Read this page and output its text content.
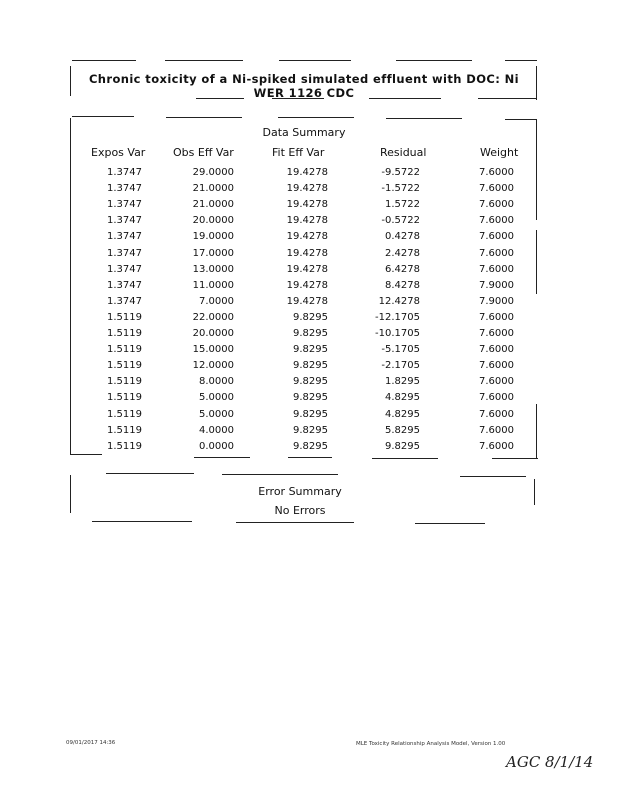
Chronic toxicity of a Ni-spiked simulated effluent with DOC: Ni WER 1126 CDC
Data Summary
Expos Var	Obs Eff Var	Fit Eff Var	Residual	Weight
1.3747	29.0000	19.4278	-9.5722	7.6000
1.3747	21.0000	19.4278	-1.5722	7.6000
1.3747	21.0000	19.4278	1.5722	7.6000
1.3747	20.0000	19.4278	-0.5722	7.6000
1.3747	19.0000	19.4278	0.4278	7.6000
1.3747	17.0000	19.4278	2.4278	7.6000
1.3747	13.0000	19.4278	6.4278	7.6000
1.3747	11.0000	19.4278	8.4278	7.9000
1.3747	7.0000	19.4278	12.4278	7.9000
1.5119	22.0000	9.8295	-12.1705	7.6000
1.5119	20.0000	9.8295	-10.1705	7.6000
1.5119	15.0000	9.8295	-5.1705	7.6000
1.5119	12.0000	9.8295	-2.1705	7.6000
1.5119	8.0000	9.8295	1.8295	7.6000
1.5119	5.0000	9.8295	4.8295	7.6000
1.5119	5.0000	9.8295	4.8295	7.6000
1.5119	4.0000	9.8295	5.8295	7.6000
1.5119	0.0000	9.8295	9.8295	7.6000
Error Summary
No Errors
09/01/2017 14:36	MLE Toxicity Relationship Analysis Model, Version 1.00
AGC 8/1/14
